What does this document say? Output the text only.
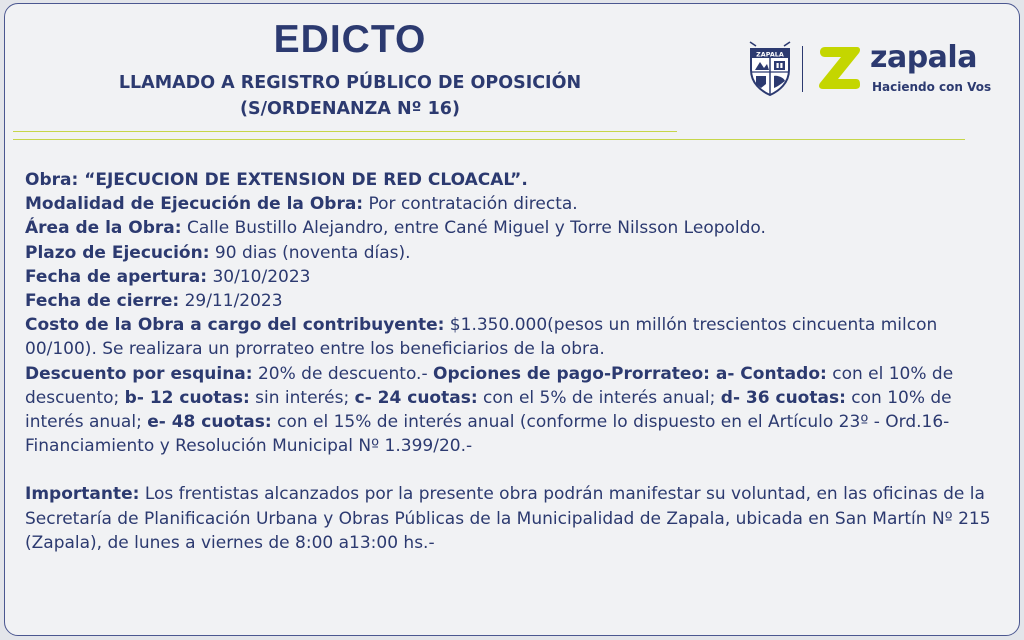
EDICTO
LLAMADO A REGISTRO PÚBLICO DE OPOSICIÓN
(S/ORDENANZA Nº 16)
ZAPALA	zapala
Haciendo con Vos
Obra: “EJECUCION DE EXTENSION DE RED CLOACAL”.
Modalidad de Ejecución de la Obra: Por contratación directa.
Área de la Obra: Calle Bustillo Alejandro, entre Cané Miguel y Torre Nilsson Leopoldo.
Plazo de Ejecución: 90 dias (noventa días).
Fecha de apertura: 30/10/2023
Fecha de cierre: 29/11/2023
Costo de la Obra a cargo del contribuyente: $1.350.000(pesos un millón trescientos cincuenta milcon 00/100). Se realizara un prorrateo entre los beneficiarios de la obra.
Descuento por esquina: 20% de descuento.- Opciones de pago-Prorrateo: a- Contado: con el 10% de descuento; b- 12 cuotas: sin interés; c- 24 cuotas: con el 5% de interés anual; d- 36 cuotas: con 10% de interés anual; e- 48 cuotas: con el 15% de interés anual (conforme lo dispuesto en el Artículo 23º - Ord.16- Financiamiento y Resolución Municipal Nº 1.399/20.-
Importante: Los frentistas alcanzados por la presente obra podrán manifestar su voluntad, en las oficinas de la Secretaría de Planificación Urbana y Obras Públicas de la Municipalidad de Zapala, ubicada en San Martín Nº 215 (Zapala), de lunes a viernes de 8:00 a13:00 hs.-
